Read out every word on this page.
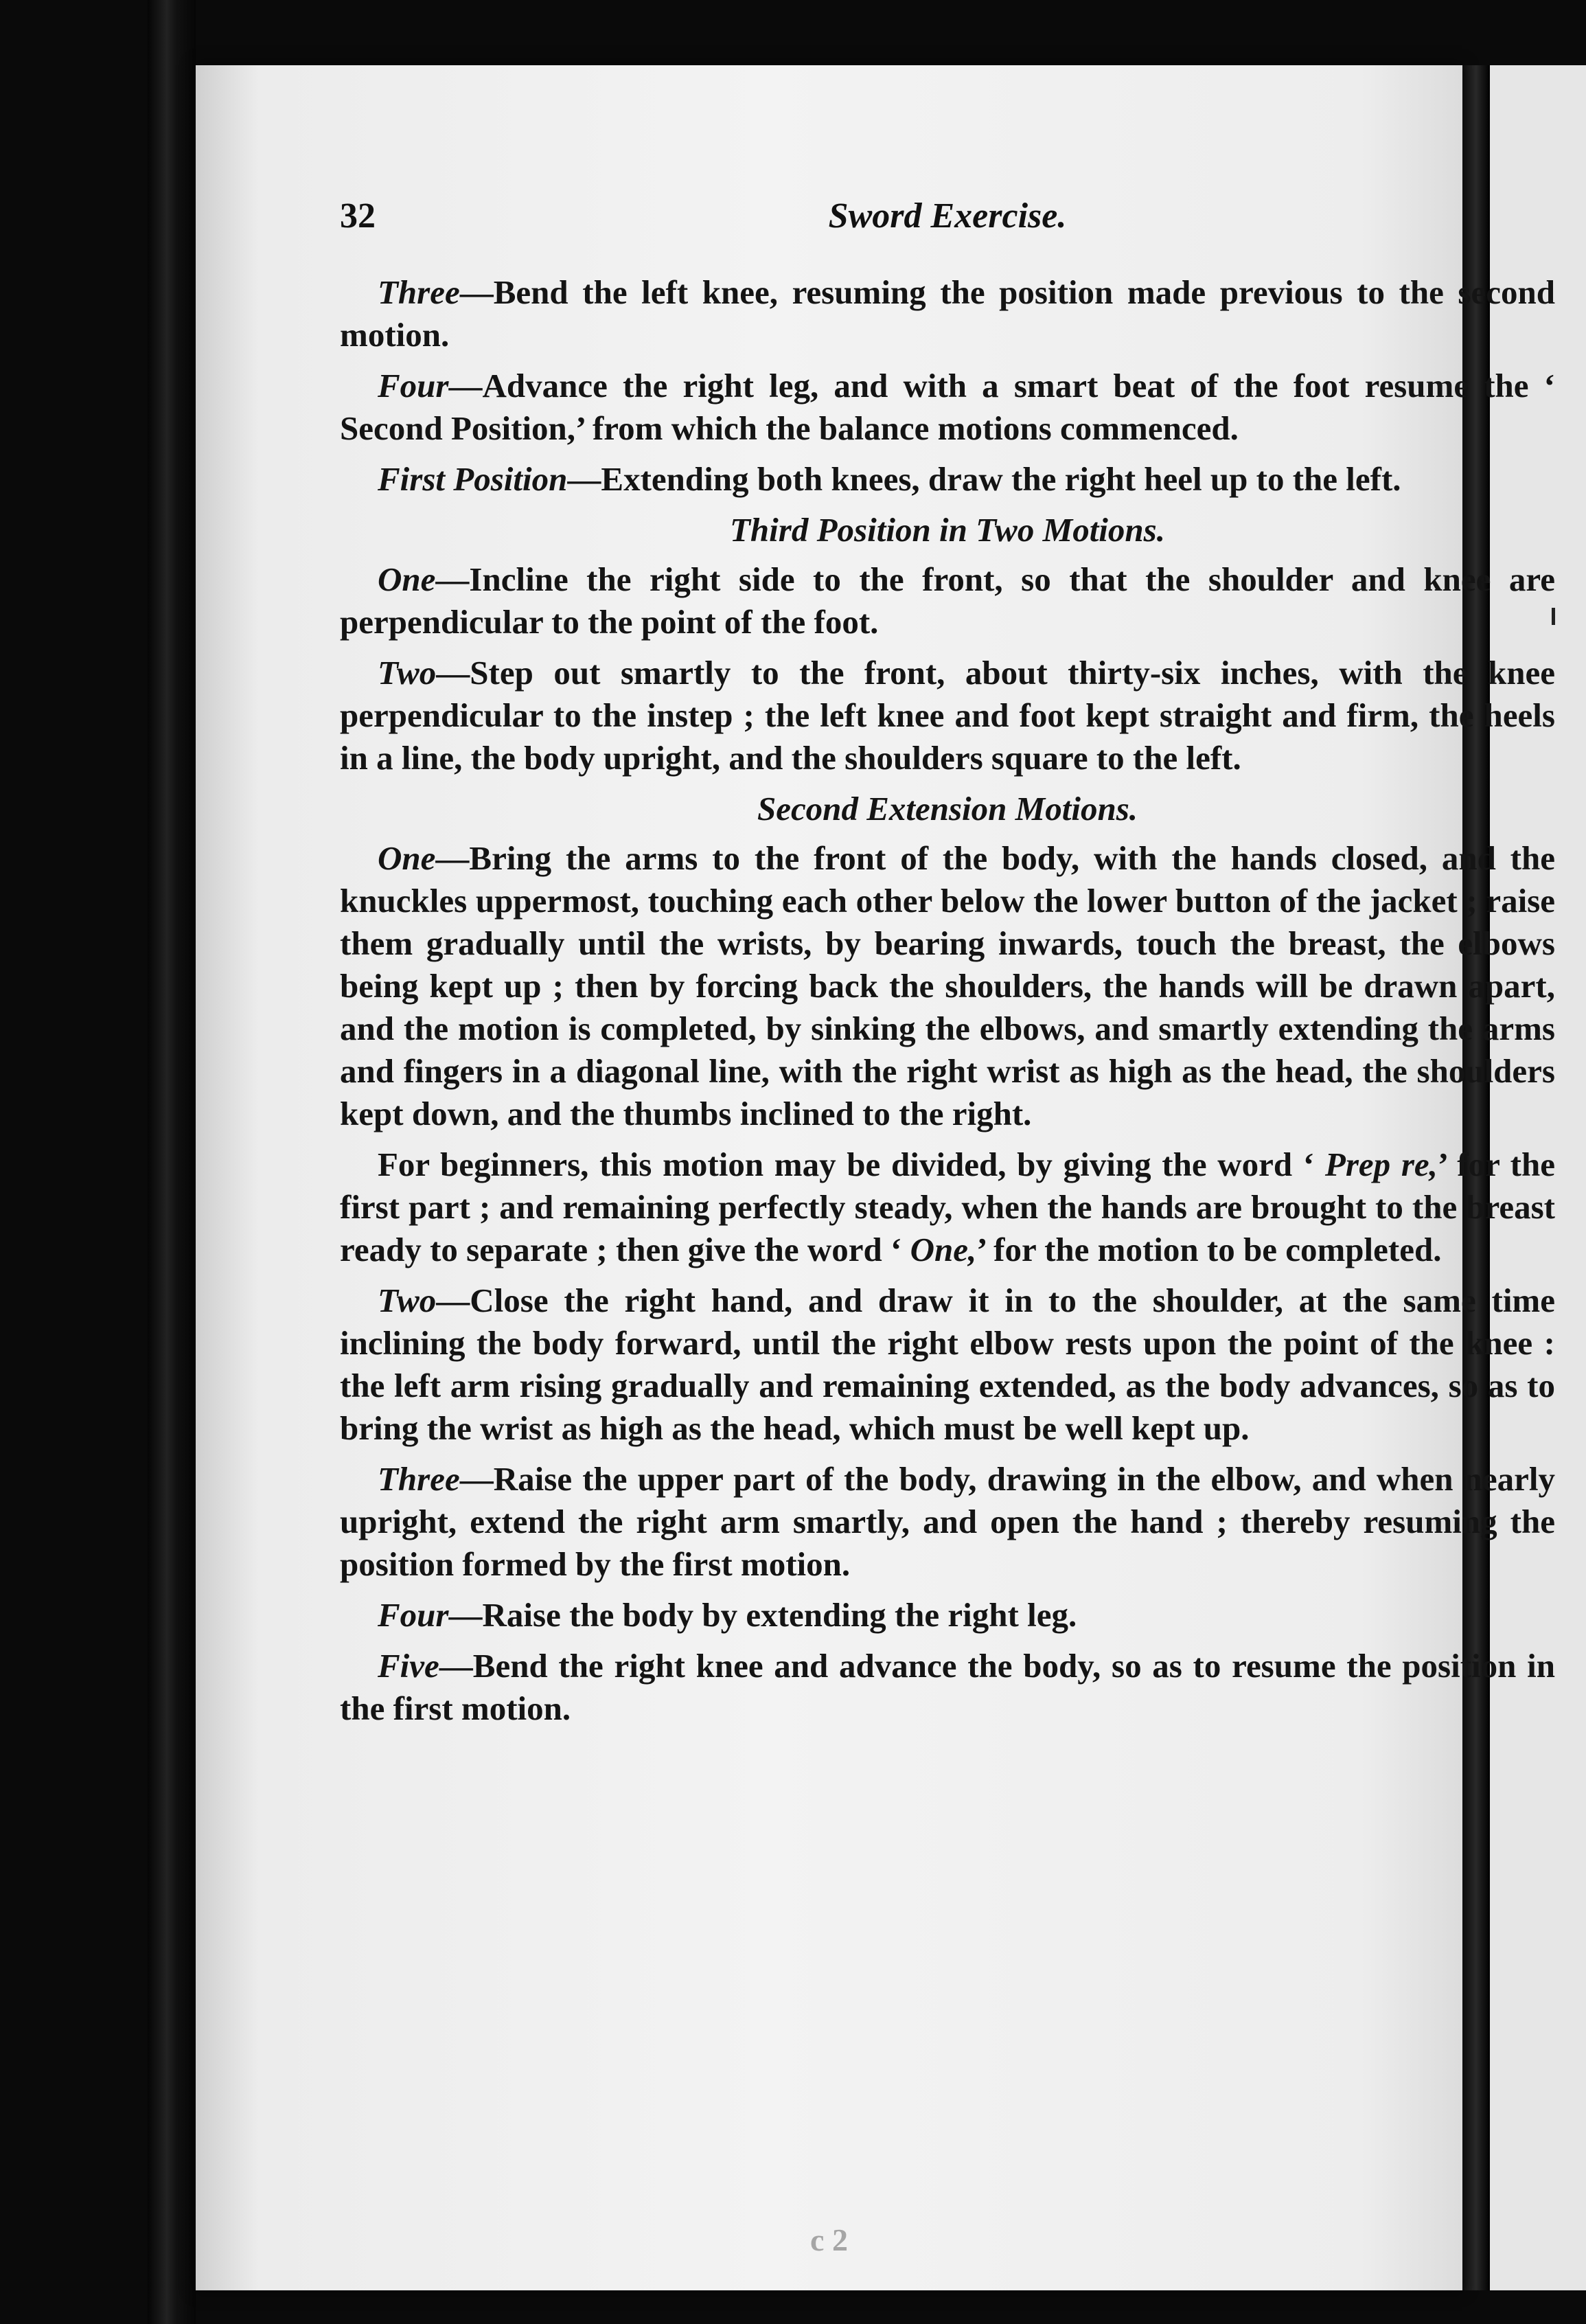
32	Sword Exercise.

Three—Bend the left knee, resuming the position made previous to the second motion.

Four—Advance the right leg, and with a smart beat of the foot resume the ‘ Second Position,’ from which the balance motions commenced.

First Position—Extending both knees, draw the right heel up to the left.

Third Position in Two Motions.

One—Incline the right side to the front, so that the shoulder and knee are perpendicular to the point of the foot.

Two—Step out smartly to the front, about thirty-six inches, with the knee perpendicular to the instep ; the left knee and foot kept straight and firm, the heels in a line, the body upright, and the shoulders square to the left.

Second Extension Motions.

One—Bring the arms to the front of the body, with the hands closed, and the knuckles uppermost, touching each other below the lower button of the jacket ; raise them gradually until the wrists, by bearing inwards, touch the breast, the elbows being kept up ; then by forcing back the shoulders, the hands will be drawn apart, and the motion is completed, by sinking the elbows, and smartly extending the arms and fingers in a diagonal line, with the right wrist as high as the head, the shoulders kept down, and the thumbs inclined to the right.

For beginners, this motion may be divided, by giving the word ‘ Prep re,’ for the first part ; and remaining perfectly steady, when the hands are brought to the breast ready to separate ; then give the word ‘ One,’ for the motion to be completed.

Two—Close the right hand, and draw it in to the shoulder, at the same time inclining the body forward, until the right elbow rests upon the point of the knee : the left arm rising gradually and remaining extended, as the body advances, so as to bring the wrist as high as the head, which must be well kept up.

Three—Raise the upper part of the body, drawing in the elbow, and when nearly upright, extend the right arm smartly, and open the hand ; thereby resuming the position formed by the first motion.

Four—Raise the body by extending the right leg.

Five—Bend the right knee and advance the body, so as to resume the position in the first motion.

c 2
